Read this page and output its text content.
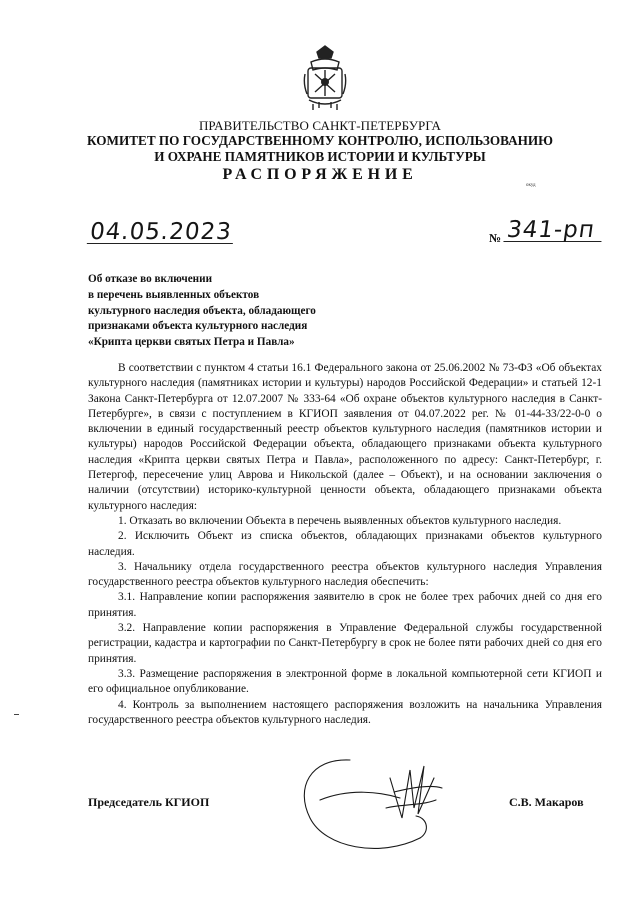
ПРАВИТЕЛЬСТВО САНКТ-ПЕТЕРБУРГА
КОМИТЕТ ПО ГОСУДАРСТВЕННОМУ КОНТРОЛЮ, ИСПОЛЬЗОВАНИЮ
И ОХРАНЕ ПАМЯТНИКОВ ИСТОРИИ И КУЛЬТУРЫ
РАСПОРЯЖЕНИЕ
окуд
04.05.2023	№ 341-рп
Об отказе во включении
в перечень выявленных объектов
культурного наследия объекта, обладающего
признаками объекта культурного наследия
«Крипта церкви святых Петра и Павла»

В соответствии с пунктом 4 статьи 16.1 Федерального закона от 25.06.2002 № 73-ФЗ «Об объектах культурного наследия (памятниках истории и культуры) народов Российской Федерации» и статьей 12-1 Закона Санкт-Петербурга от 12.07.2007 № 333-64 «Об охране объектов культурного наследия в Санкт-Петербурге», в связи с поступлением в КГИОП заявления от 04.07.2022 рег. № 01-44-33/22-0-0 о включении в единый государственный реестр объектов культурного наследия (памятников истории и культуры) народов Российской Федерации объекта, обладающего признаками объекта культурного наследия «Крипта церкви святых Петра и Павла», расположенного по адресу: Санкт-Петербург, г. Петергоф, пересечение улиц Аврова и Никольской (далее – Объект), и на основании заключения о наличии (отсутствии) историко-культурной ценности объекта, обладающего признаками объекта культурного наследия:

1. Отказать во включении Объекта в перечень выявленных объектов культурного наследия.

2. Исключить Объект из списка объектов, обладающих признаками объектов культурного наследия.

3. Начальнику отдела государственного реестра объектов культурного наследия Управления государственного реестра объектов культурного наследия обеспечить:

3.1. Направление копии распоряжения заявителю в срок не более трех рабочих дней со дня его принятия.

3.2. Направление копии распоряжения в Управление Федеральной службы государственной регистрации, кадастра и картографии по Санкт-Петербургу в срок не более пяти рабочих дней со дня его принятия.

3.3. Размещение распоряжения в электронной форме в локальной компьютерной сети КГИОП и его официальное опубликование.

4. Контроль за выполнением настоящего распоряжения возложить на начальника Управления государственного реестра объектов культурного наследия.

Председатель КГИОП	С.В. Макаров
